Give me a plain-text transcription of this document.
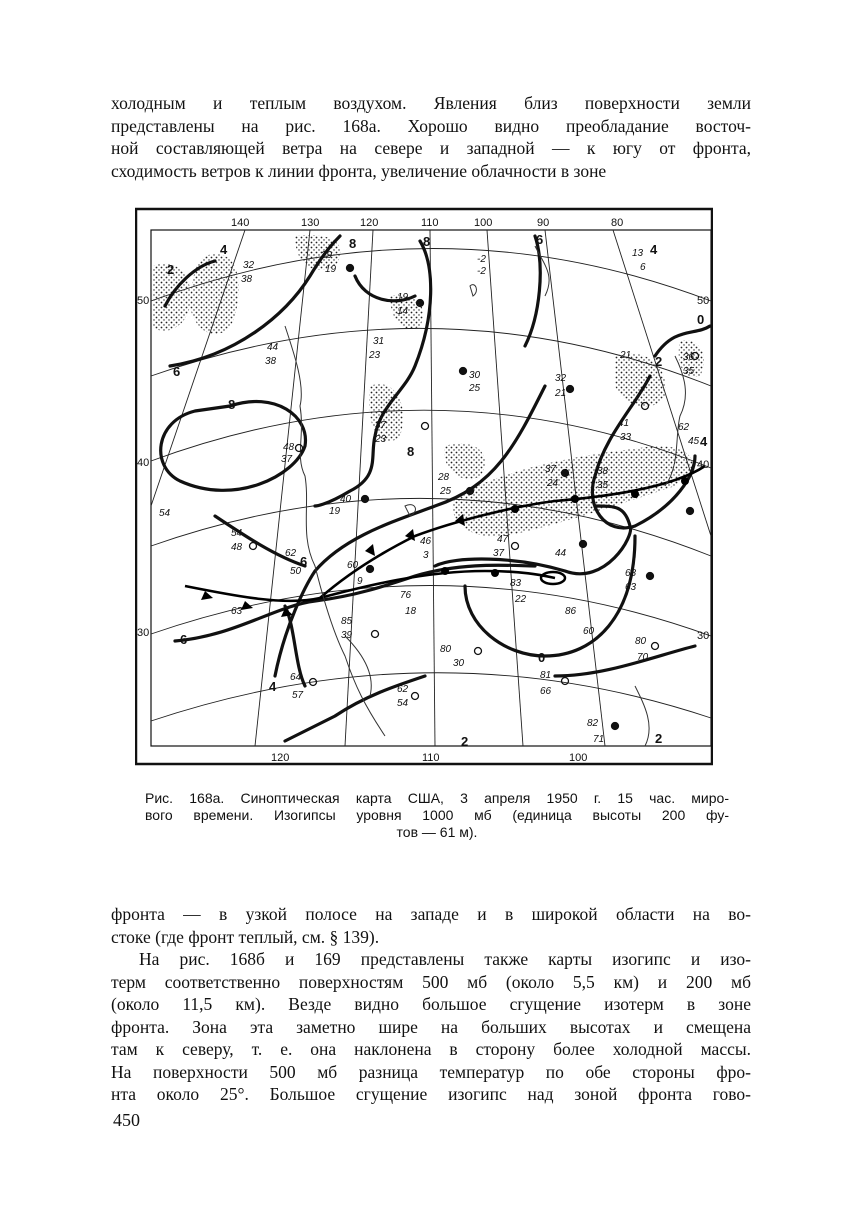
холодным и теплым воздухом. Явления близ поверхности земли
представлены на рис. 168а. Хорошо видно преобладание восточ-
ной составляющей ветра на севере и западной — к югу от фронта,
сходимость ветров к линии фронта, увеличение облачности в зоне
140	130	120	110	100	90	80
120	110	100
50
40
30
50
40
30
2
4
6
8
8	8	6
4
6
8
0
2
4
2
4
6
0
2
32
38
29
19
-2
-2
13
6
19
14
44
38
31
23
30
25
32
21
21	36
35
37
23
48
37
28
25
37
24
38
35
41
33
62
45
40
19
54
54
48
62
50
46
3
60
9
47
37	44
83
22
68
63
76
18	86
60
63
85
39
80
30
80
70
64
57
62
54
81
66
82
71
Рис. 168а. Синоптическая карта США, 3 апреля 1950 г. 15 час. миро-
вого времени. Изогипсы уровня 1000 мб (единица высоты 200 фу-
тов — 61 м).
фронта — в узкой полосе на западе и в широкой области на во-
стоке (где фронт теплый, см. § 139).
На рис. 168б и 169 представлены также карты изогипс и изо-
терм соответственно поверхностям 500 мб (около 5,5 км) и 200 мб
(около 11,5 км). Везде видно большое сгущение изотерм в зоне
фронта. Зона эта заметно шире на больших высотах и смещена
там к северу, т. е. она наклонена в сторону более холодной массы.
На поверхности 500 мб разница температур по обе стороны фро-
нта около 25°. Большое сгущение изогипс над зоной фронта гово-
450
